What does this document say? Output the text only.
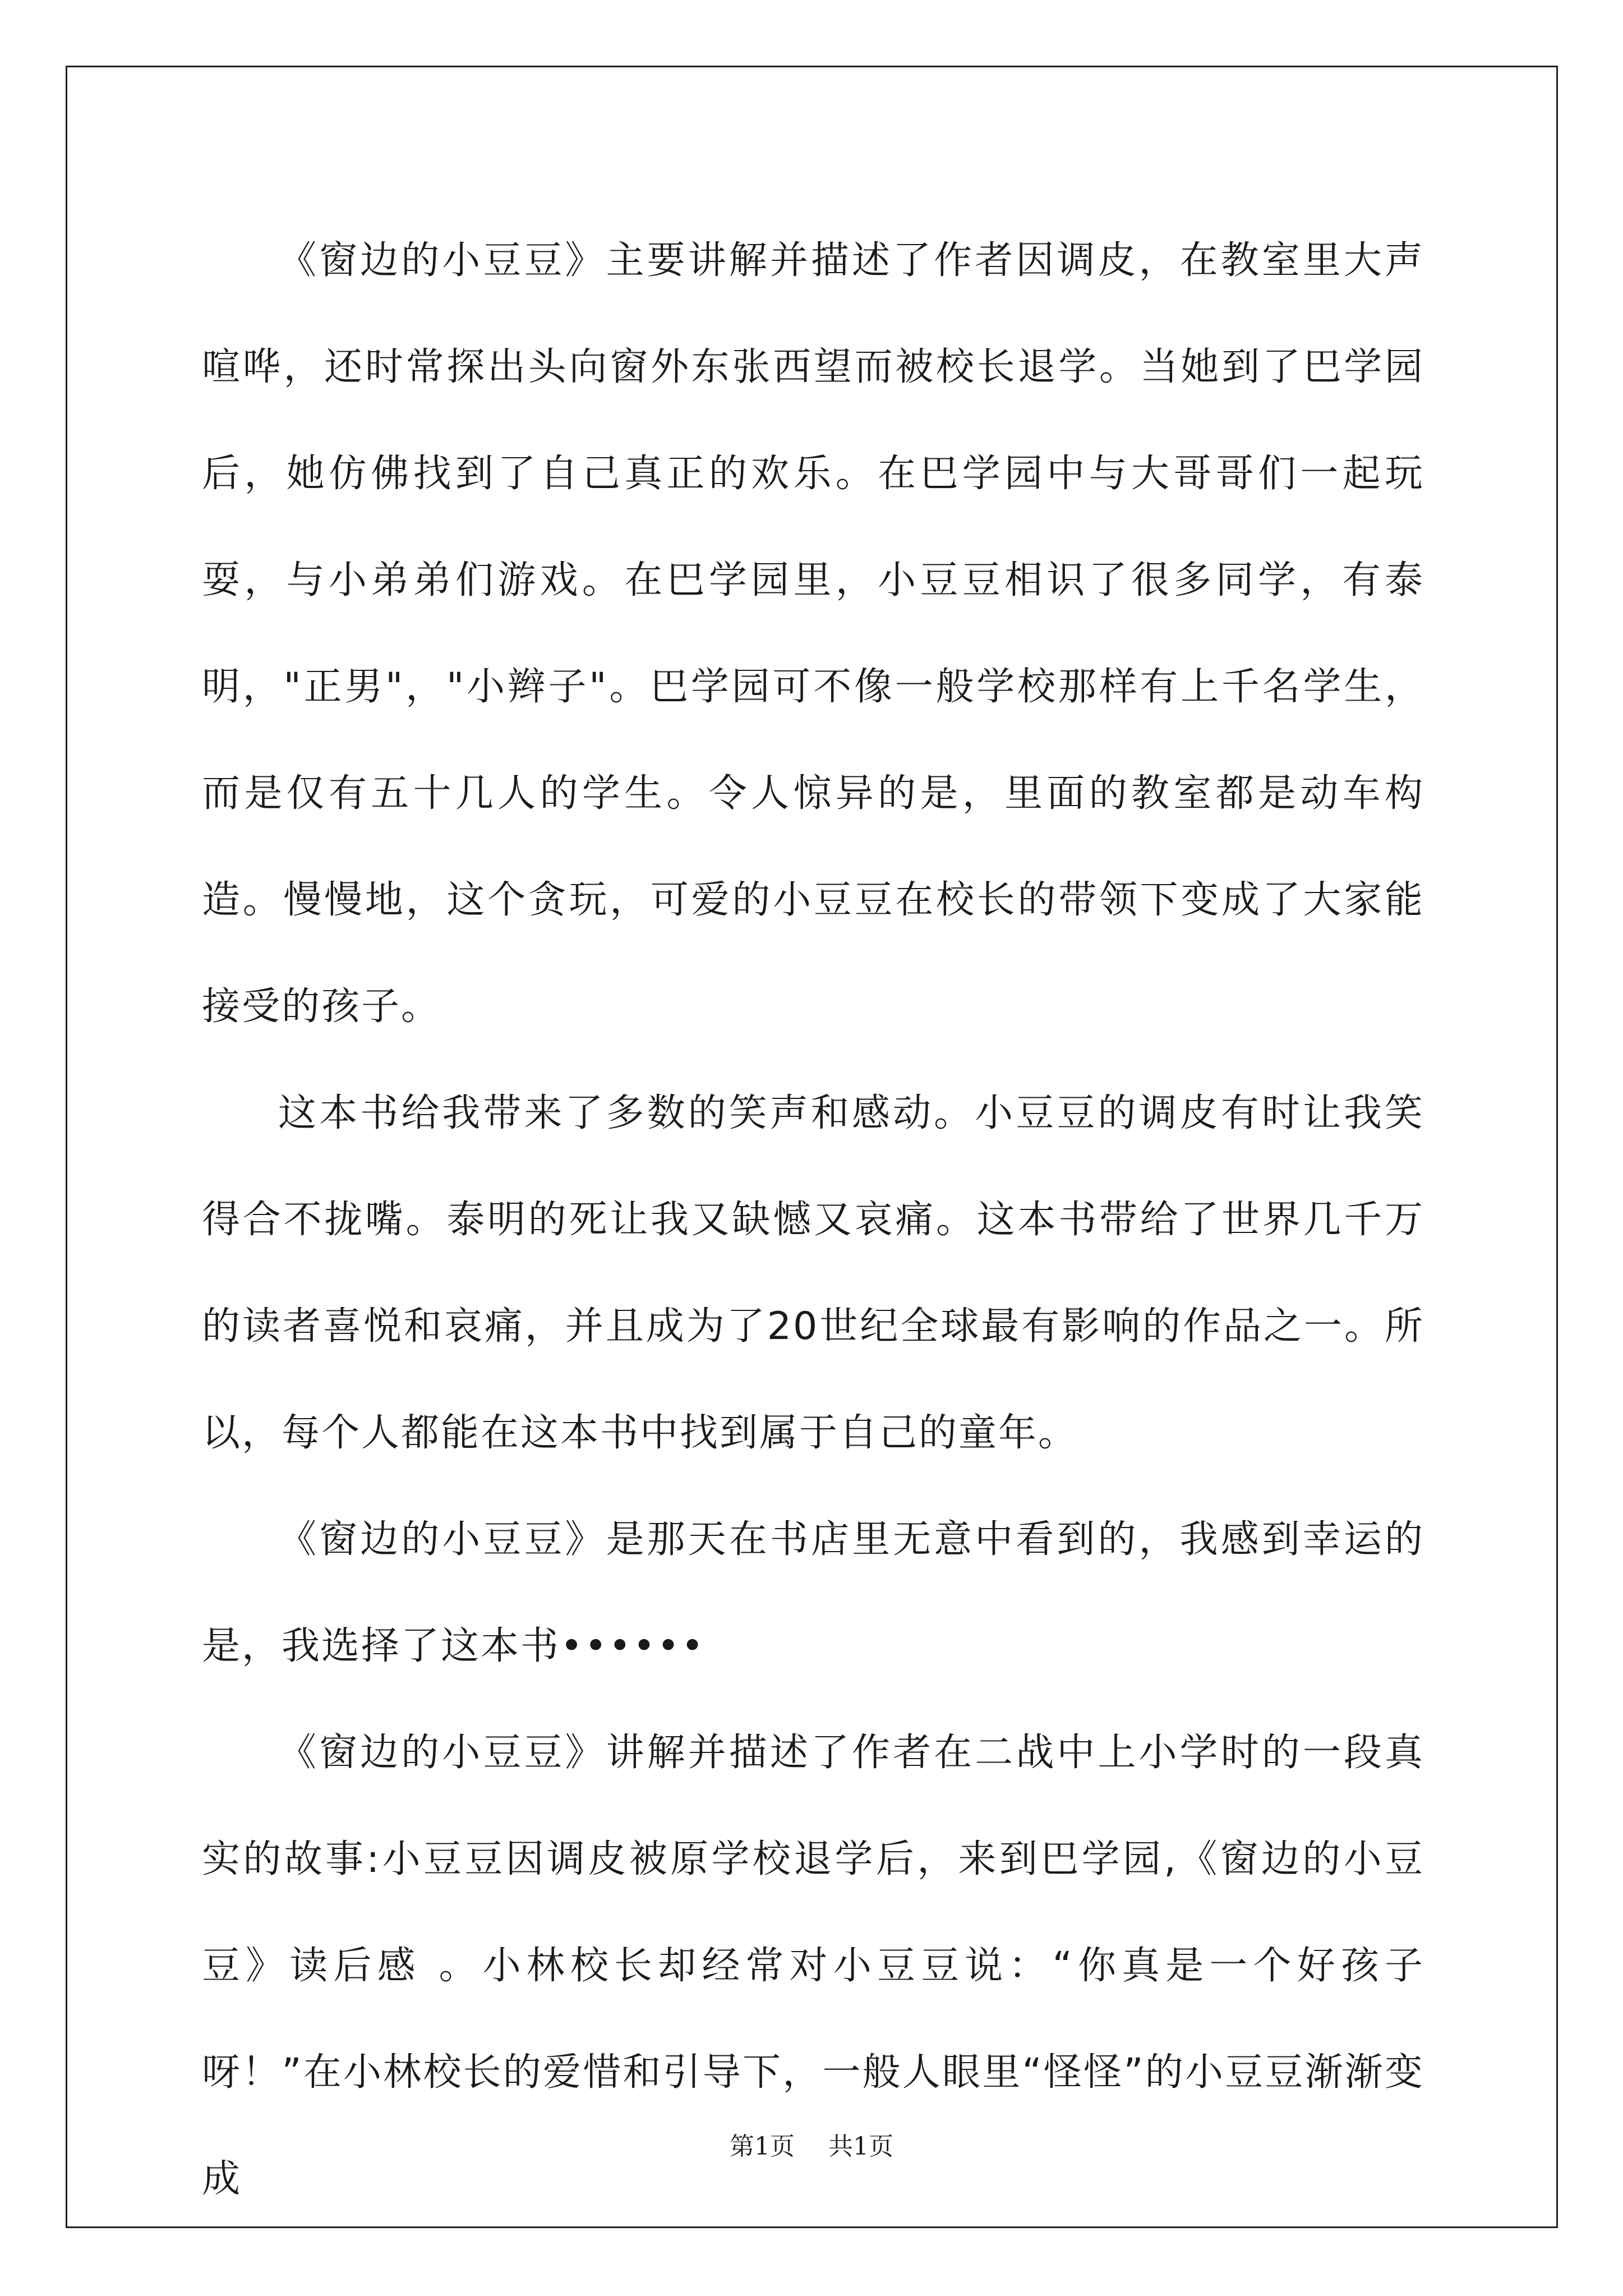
《窗边的小豆豆》主要讲解并描述了作者因调皮，在教室里大声喧哗，还时常探出头向窗外东张西望而被校长退学。当她到了巴学园后，她仿佛找到了自己真正的欢乐。在巴学园中与大哥哥们一起玩耍，与小弟弟们游戏。在巴学园里，小豆豆相识了很多同学，有泰明，"正男"，"小辫子"。巴学园可不像一般学校那样有上千名学生，而是仅有五十几人的学生。令人惊异的是，里面的教室都是动车构造。慢慢地，这个贪玩，可爱的小豆豆在校长的带领下变成了大家能接受的孩子。

这本书给我带来了多数的笑声和感动。小豆豆的调皮有时让我笑得合不拢嘴。泰明的死让我又缺憾又哀痛。这本书带给了世界几千万的读者喜悦和哀痛，并且成为了20世纪全球最有影响的作品之一。所以，每个人都能在这本书中找到属于自己的童年。

《窗边的小豆豆》是那天在书店里无意中看到的，我感到幸运的是，我选择了这本书••••••

《窗边的小豆豆》讲解并描述了作者在二战中上小学时的一段真实的故事:小豆豆因调皮被原学校退学后，来到巴学园,《窗边的小豆豆》读后感 。小林校长却经常对小豆豆说：“你真是一个好孩子呀！”在小林校长的爱惜和引导下，一般人眼里“怪怪”的小豆豆渐渐变成

第1页 共1页
